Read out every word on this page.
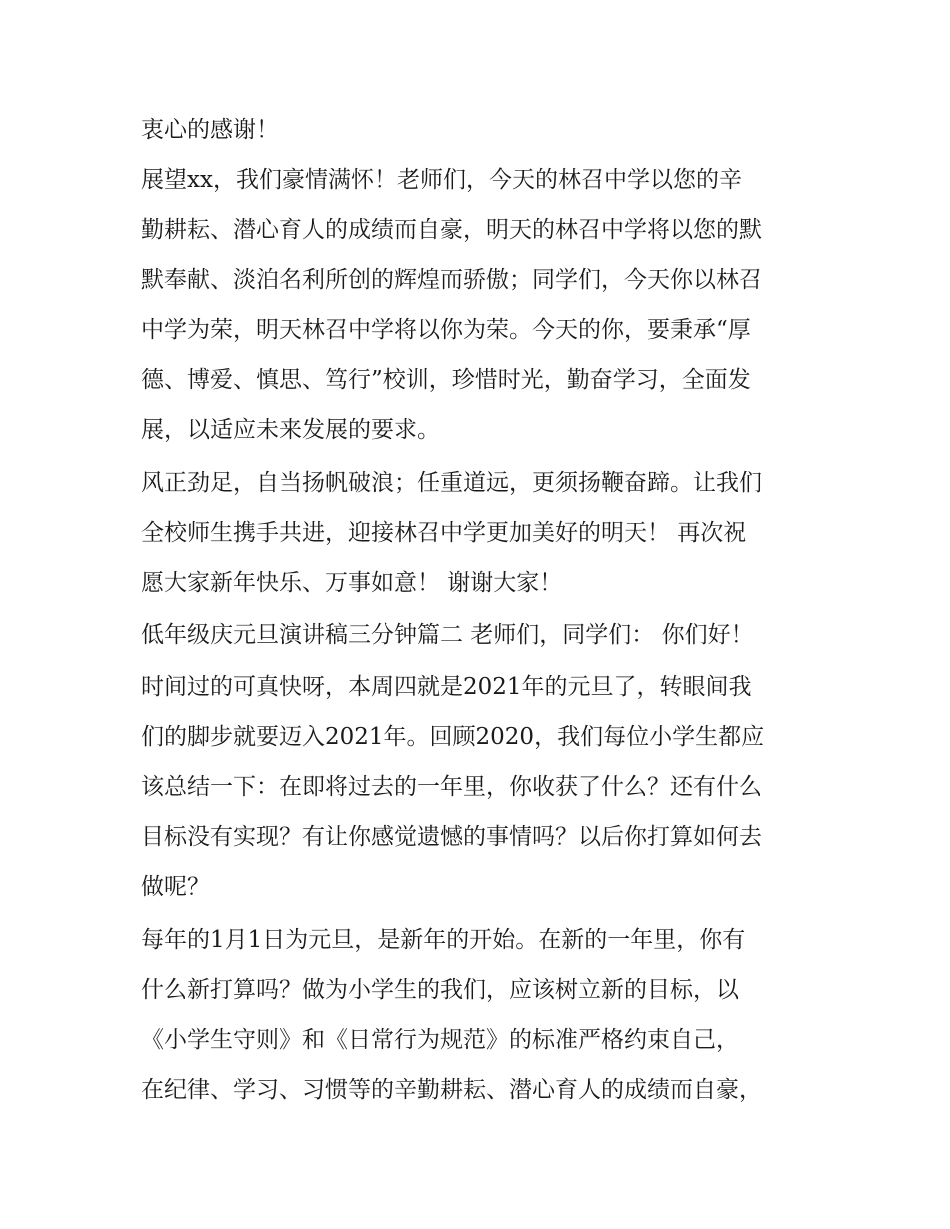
衷心的感谢！
展望xx，我们豪情满怀！老师们，今天的林召中学以您的辛
勤耕耘、潜心育人的成绩而自豪，明天的林召中学将以您的默
默奉献、淡泊名利所创的辉煌而骄傲；同学们，今天你以林召
中学为荣，明天林召中学将以你为荣。今天的你，要秉承“厚
德、博爱、慎思、笃行”校训，珍惜时光，勤奋学习，全面发
展，以适应未来发展的要求。
风正劲足，自当扬帆破浪；任重道远，更须扬鞭奋蹄。让我们
全校师生携手共进，迎接林召中学更加美好的明天！ 再次祝
愿大家新年快乐、万事如意！ 谢谢大家！
低年级庆元旦演讲稿三分钟篇二 老师们，同学们： 你们好！
时间过的可真快呀，本周四就是2021年的元旦了，转眼间我
们的脚步就要迈入2021年。回顾2020，我们每位小学生都应
该总结一下：在即将过去的一年里，你收获了什么？还有什么
目标没有实现？有让你感觉遗憾的事情吗？以后你打算如何去
做呢？
每年的1月1日为元旦，是新年的开始。在新的一年里，你有
什么新打算吗？做为小学生的我们，应该树立新的目标，以
《小学生守则》和《日常行为规范》的标准严格约束自己，
在纪律、学习、习惯等的辛勤耕耘、潜心育人的成绩而自豪，
